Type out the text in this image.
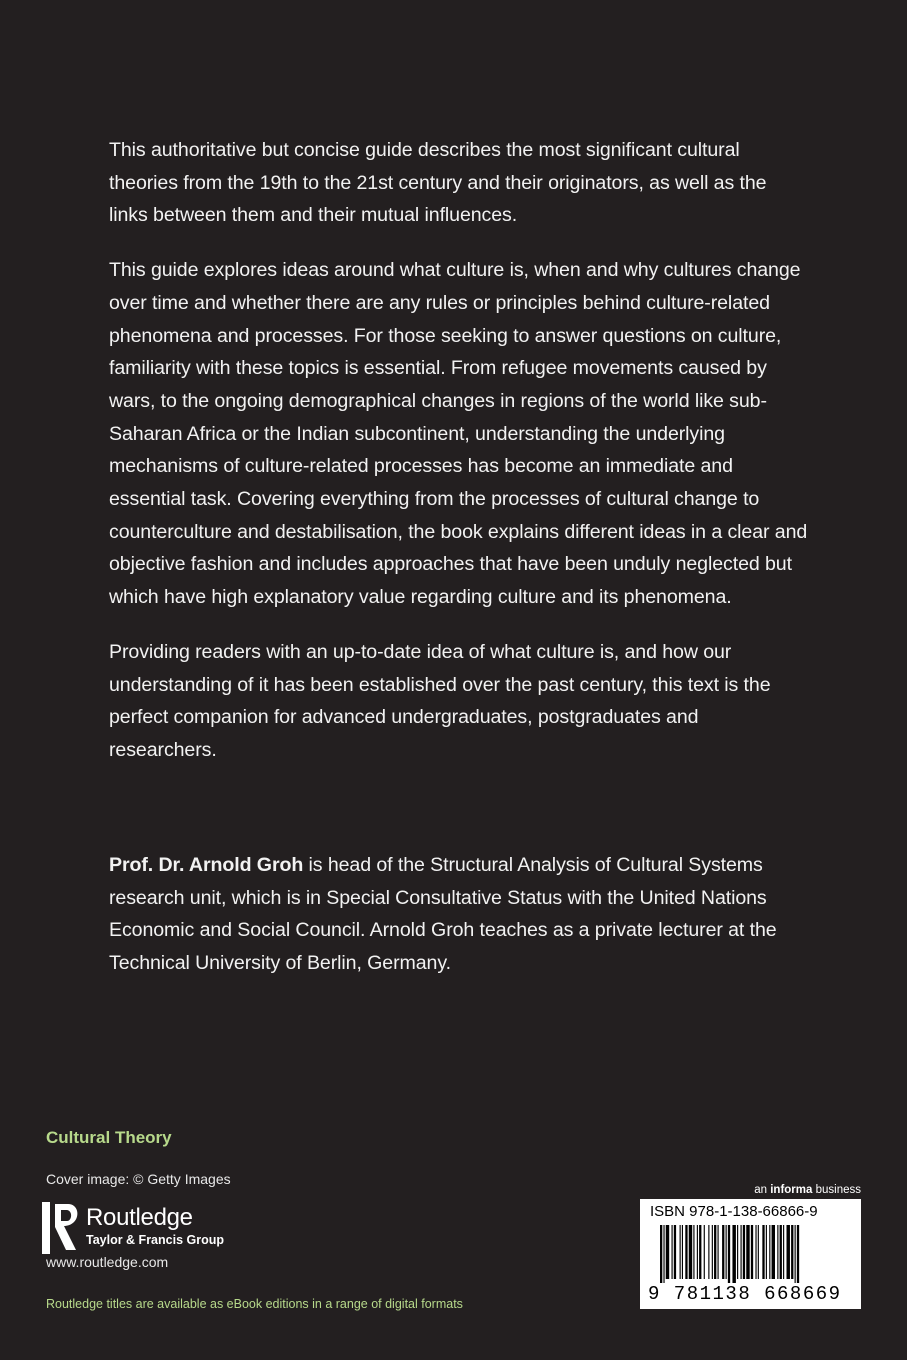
This authoritative but concise guide describes the most significant cultural theories from the 19th to the 21st century and their originators, as well as the links between them and their mutual influences.

This guide explores ideas around what culture is, when and why cultures change over time and whether there are any rules or principles behind culture-related phenomena and processes. For those seeking to answer questions on culture, familiarity with these topics is essential. From refugee movements caused by wars, to the ongoing demographical changes in regions of the world like sub-Saharan Africa or the Indian subcontinent, understanding the underlying mechanisms of culture-related processes has become an immediate and essential task. Covering everything from the processes of cultural change to counterculture and destabilisation, the book explains different ideas in a clear and objective fashion and includes approaches that have been unduly neglected but which have high explanatory value regarding culture and its phenomena.

Providing readers with an up-to-date idea of what culture is, and how our understanding of it has been established over the past century, this text is the perfect companion for advanced undergraduates, postgraduates and researchers.

Prof. Dr. Arnold Groh is head of the Structural Analysis of Cultural Systems research unit, which is in Special Consultative Status with the United Nations Economic and Social Council. Arnold Groh teaches as a private lecturer at the Technical University of Berlin, Germany.

Cultural Theory
Cover image: © Getty Images
Routledge
Taylor & Francis Group
www.routledge.com
Routledge titles are available as eBook editions in a range of digital formats
an informa business
ISBN 978-1-138-66866-9
9 781138 668669
